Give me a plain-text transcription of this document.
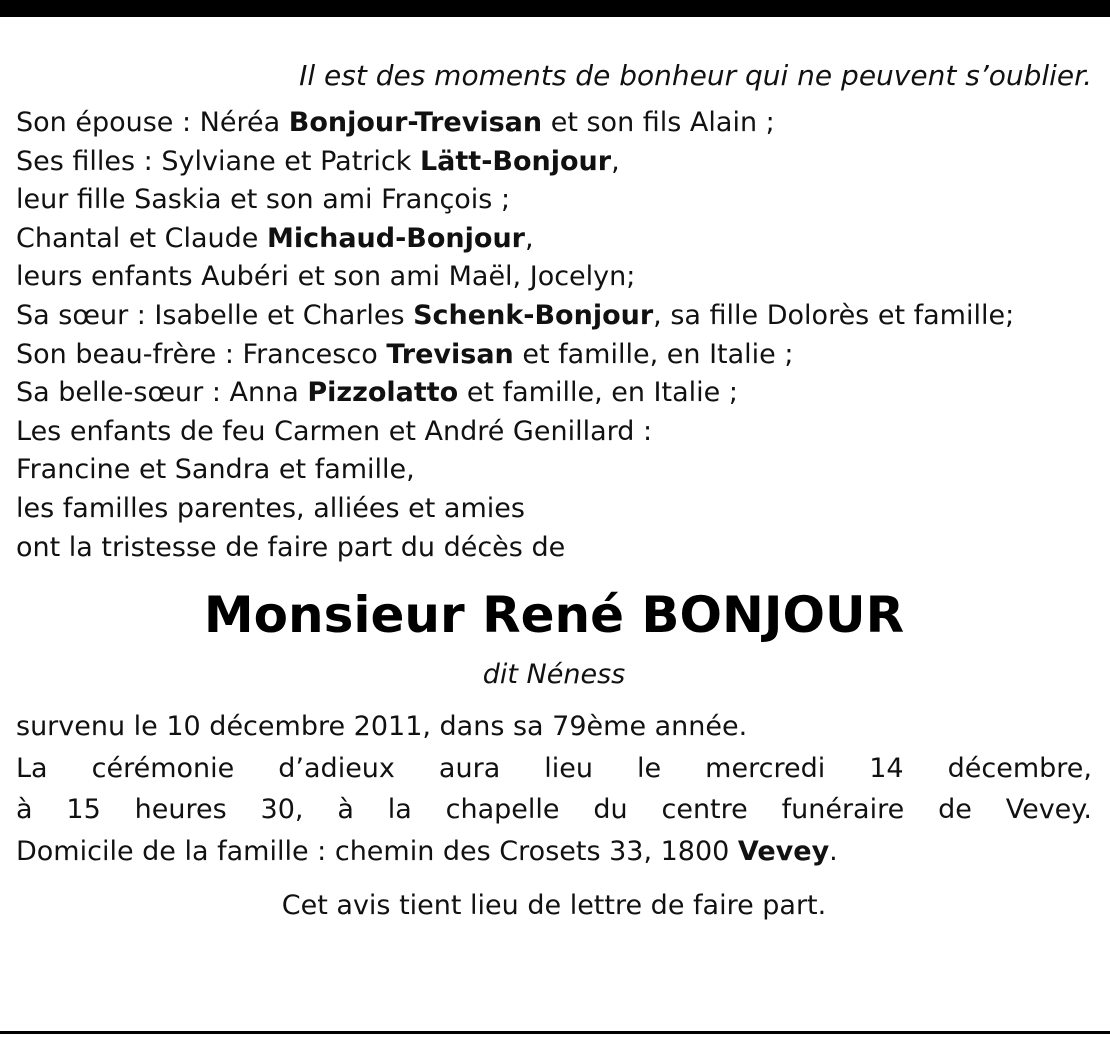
Il est des moments de bonheur qui ne peuvent s’oublier.

Son épouse : Néréa Bonjour-Trevisan et son fils Alain ;
Ses filles : Sylviane et Patrick Lätt-Bonjour,
leur fille Saskia et son ami François ;
Chantal et Claude Michaud-Bonjour,
leurs enfants Aubéri et son ami Maël, Jocelyn;
Sa sœur : Isabelle et Charles Schenk-Bonjour, sa fille Dolorès et famille;
Son beau-frère : Francesco Trevisan et famille, en Italie ;
Sa belle-sœur : Anna Pizzolatto et famille, en Italie ;
Les enfants de feu Carmen et André Genillard :
Francine et Sandra et famille,
les familles parentes, alliées et amies
ont la tristesse de faire part du décès de
Monsieur René BONJOUR
dit Néness
survenu le 10 décembre 2011, dans sa 79ème année.
La cérémonie d’adieux aura lieu le mercredi 14 décembre,
à 15 heures 30, à la chapelle du centre funéraire de Vevey.
Domicile de la famille : chemin des Crosets 33, 1800 Vevey.
Cet avis tient lieu de lettre de faire part.
